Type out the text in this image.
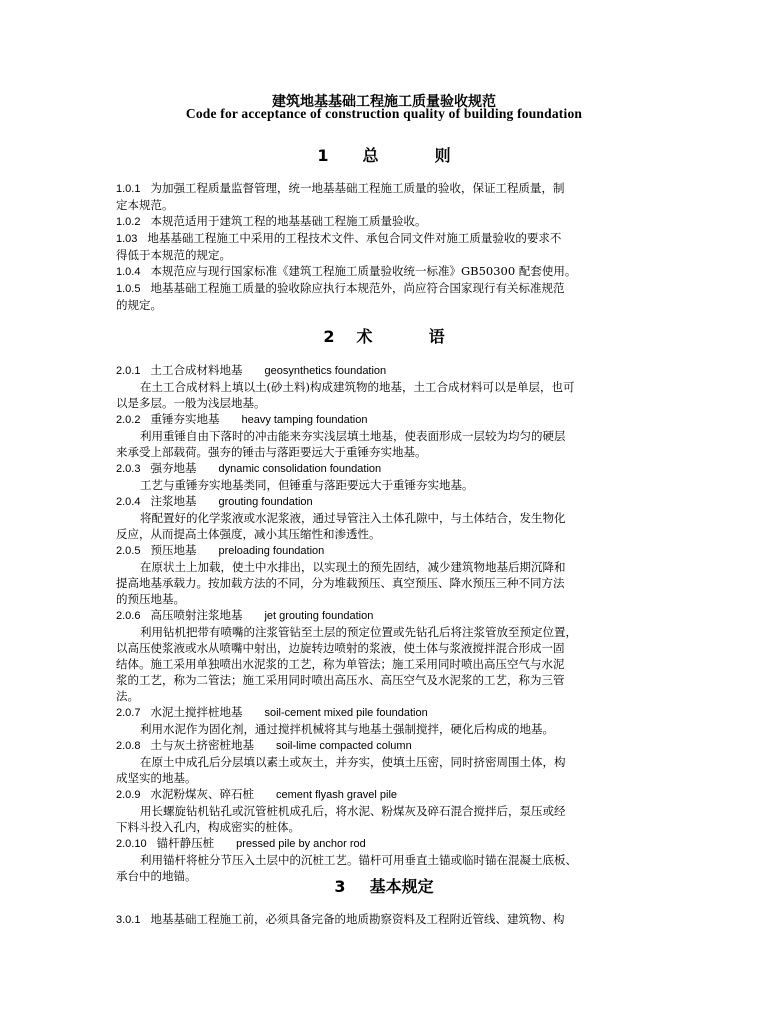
建筑地基基础工程施工质量验收规范
Code for acceptance of construction quality of building foundation
1 总	则
1.0.1 为加强工程质量监督管理，统一地基基础工程施工质量的验收，保证工程质量，制
定本规范。
1.0.2 本规范适用于建筑工程的地基基础工程施工质量验收。
1.03 地基基础工程施工中采用的工程技术文件、承包合同文件对施工质量验收的要求不
得低于本规范的规定。
1.0.4 本规范应与现行国家标准《建筑工程施工质量验收统一标准》GB50300 配套使用。
1.0.5 地基基础工程施工质量的验收除应执行本规范外，尚应符合国家现行有关标准规范
的规定。
2 术	语
2.0.1 土工合成材料地基 geosynthetics foundation
在土工合成材料上填以土(砂土料)构成建筑物的地基，土工合成材料可以是单层，也可
以是多层。一般为浅层地基。
2.0.2 重锤夯实地基 heavy tamping foundation
利用重锤自由下落时的冲击能来夯实浅层填土地基，使表面形成一层较为均匀的硬层
来承受上部载荷。强夯的锤击与落距要远大于重锤夯实地基。
2.0.3 强夯地基 dynamic consolidation foundation
工艺与重锤夯实地基类同，但锤重与落距要远大于重锤夯实地基。
2.0.4 注浆地基 grouting foundation
将配置好的化学浆液或水泥浆液，通过导管注入土体孔隙中，与土体结合，发生物化
反应，从而提高土体强度，减小其压缩性和渗透性。
2.0.5 预压地基 preloading foundation
在原状土上加载，使土中水排出，以实现土的预先固结，减少建筑物地基后期沉降和
提高地基承载力。按加载方法的不同，分为堆载预压、真空预压、降水预压三种不同方法
的预压地基。
2.0.6 高压喷射注浆地基 jet grouting foundation
利用钻机把带有喷嘴的注浆管钻至土层的预定位置或先钻孔后将注浆管放至预定位置，
以高压使浆液或水从喷嘴中射出，边旋转边喷射的浆液，使土体与浆液搅拌混合形成一固
结体。施工采用单独喷出水泥浆的工艺，称为单管法；施工采用同时喷出高压空气与水泥
浆的工艺，称为二管法；施工采用同时喷出高压水、高压空气及水泥浆的工艺，称为三管
法。
2.0.7 水泥土搅拌桩地基 soil-cement mixed pile foundation
利用水泥作为固化剂，通过搅拌机械将其与地基土强制搅拌，硬化后构成的地基。
2.0.8 土与灰土挤密桩地基 soil-lime compacted column
在原土中成孔后分层填以素土或灰土，并夯实，使填土压密，同时挤密周围土体，构
成坚实的地基。
2.0.9 水泥粉煤灰、碎石桩 cement flyash gravel pile
用长螺旋钻机钻孔或沉管桩机成孔后，将水泥、粉煤灰及碎石混合搅拌后，泵压或经
下料斗投入孔内，构成密实的桩体。
2.0.10 锚杆静压桩 pressed pile by anchor rod
利用锚杆将桩分节压入土层中的沉桩工艺。锚杆可用垂直土锚或临时锚在混凝土底板、
承台中的地锚。
3 基本规定
3.0.1 地基基础工程施工前，必须具备完备的地质勘察资料及工程附近管线、建筑物、构
